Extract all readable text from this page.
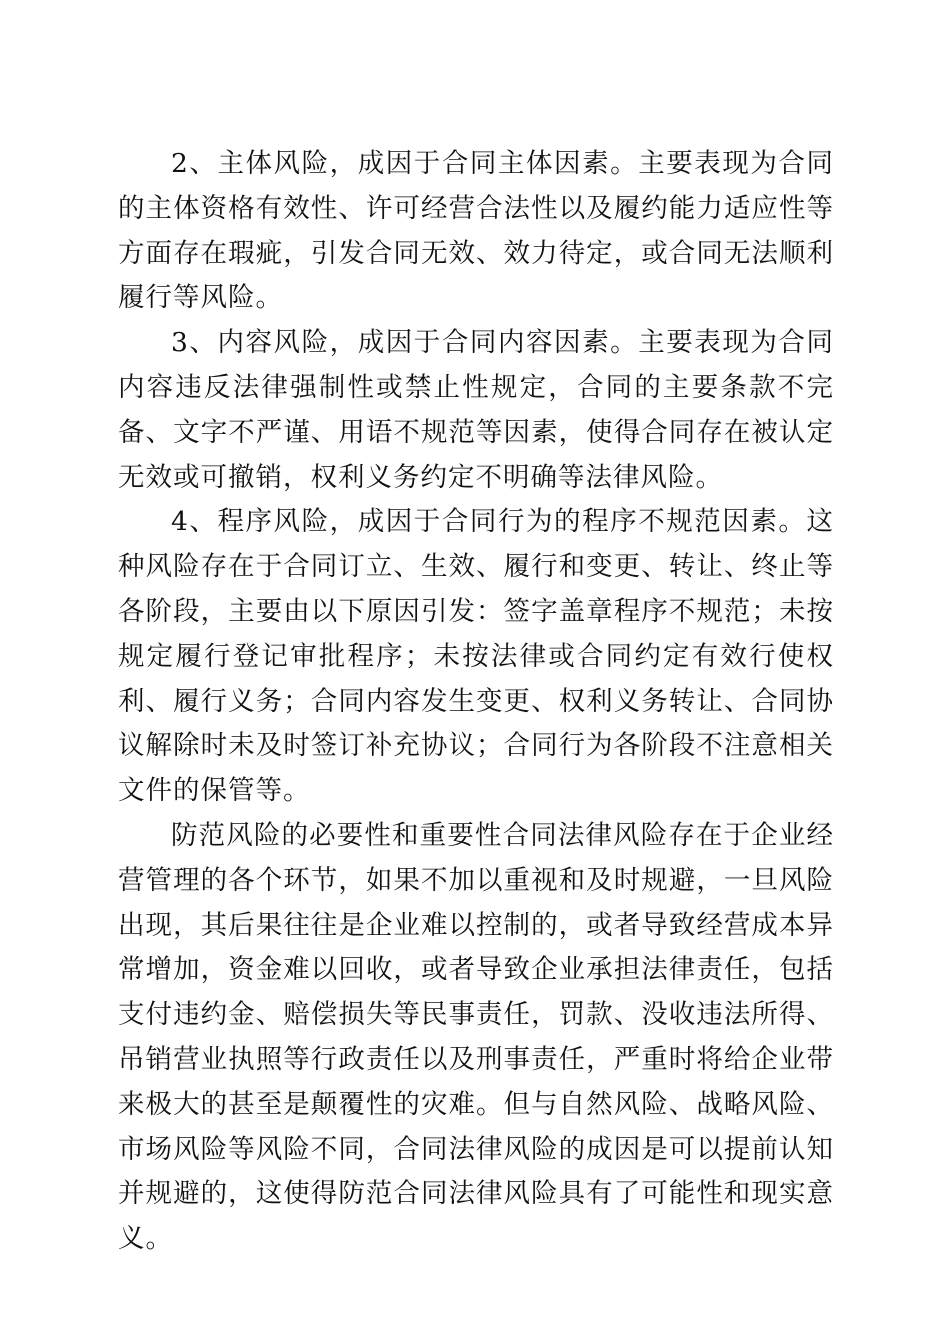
2、主体风险，成因于合同主体因素。主要表现为合同的主体资格有效性、许可经营合法性以及履约能力适应性等方面存在瑕疵，引发合同无效、效力待定，或合同无法顺利履行等风险。

3、内容风险，成因于合同内容因素。主要表现为合同内容违反法律强制性或禁止性规定，合同的主要条款不完备、文字不严谨、用语不规范等因素，使得合同存在被认定无效或可撤销，权利义务约定不明确等法律风险。

4、程序风险，成因于合同行为的程序不规范因素。这种风险存在于合同订立、生效、履行和变更、转让、终止等各阶段，主要由以下原因引发：签字盖章程序不规范；未按规定履行登记审批程序；未按法律或合同约定有效行使权利、履行义务；合同内容发生变更、权利义务转让、合同协议解除时未及时签订补充协议；合同行为各阶段不注意相关文件的保管等。

防范风险的必要性和重要性合同法律风险存在于企业经营管理的各个环节，如果不加以重视和及时规避，一旦风险出现，其后果往往是企业难以控制的，或者导致经营成本异常增加，资金难以回收，或者导致企业承担法律责任，包括支付违约金、赔偿损失等民事责任，罚款、没收违法所得、吊销营业执照等行政责任以及刑事责任，严重时将给企业带来极大的甚至是颠覆性的灾难。但与自然风险、战略风险、市场风险等风险不同，合同法律风险的成因是可以提前认知并规避的，这使得防范合同法律风险具有了可能性和现实意义。
